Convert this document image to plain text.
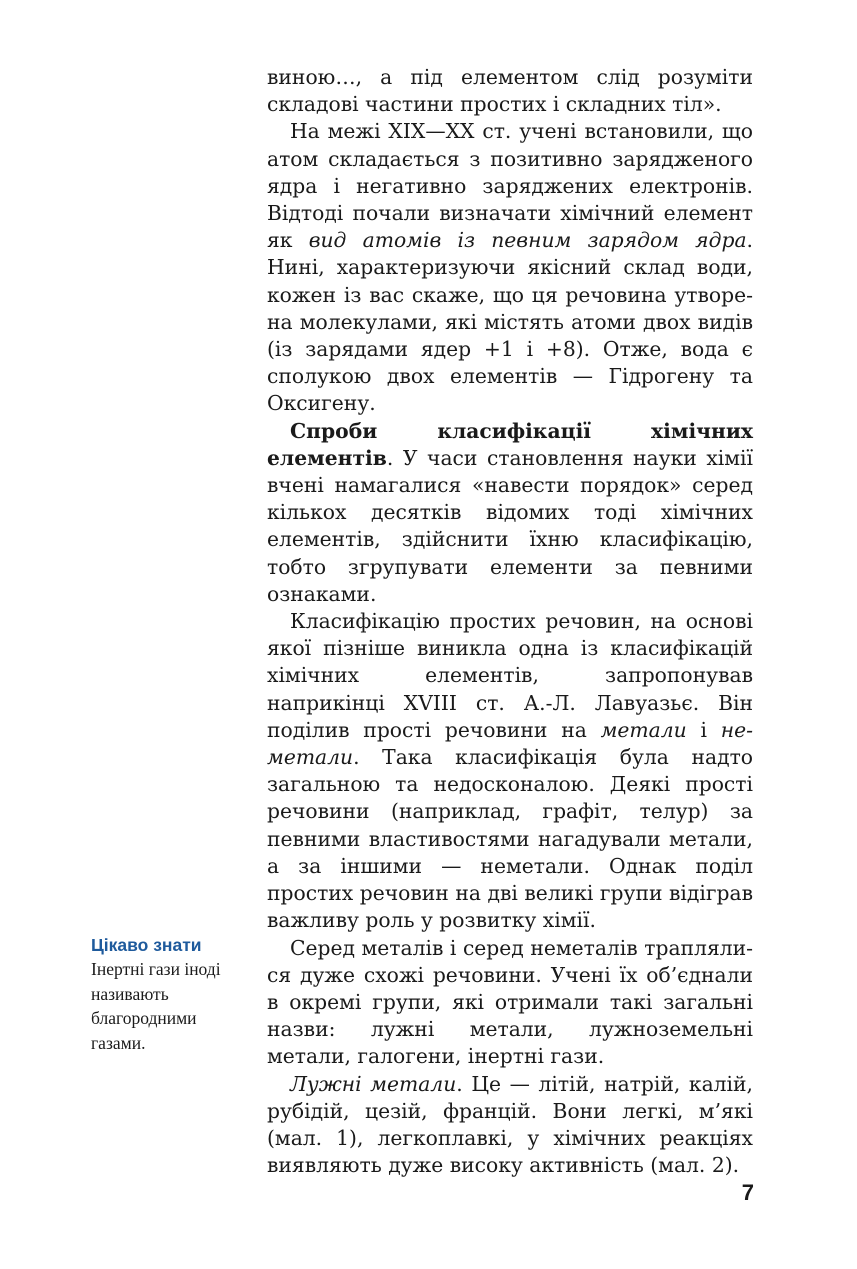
виною…, а під елементом слід розуміти складові частини простих і складних тіл».

На межі XIX—XX ст. учені встановили, що атом складається з позитивно зарядженого ядра і негативно заряджених електронів. Відтоді почали визначати хімічний елемент як вид атомів із певним зарядом ядра. Нині, характеризуючи якісний склад води, кожен із вас скаже, що ця речовина утворена молекулами, які містять атоми двох видів (із зарядами ядер +1 і +8). Отже, вода є сполукою двох елементів — Гідрогену та Оксигену.

Спроби класифікації хімічних елементів. У часи становлення науки хімії вчені намагалися «навести порядок» серед кількох десятків відомих тоді хімічних елементів, здійснити їхню класифікацію, тобто згрупувати елементи за певними ознаками.

Класифікацію простих речовин, на основі якої пізніше виникла одна із класифікацій хімічних елементів, запропонував наприкінці XVIII ст. А.-Л. Лавуазьє. Він поділив прості речовини на метали і неметали. Така класифікація була надто загальною та недосконалою. Деякі прості речовини (наприклад, графіт, телур) за певними властивостями нагадували метали, а за іншими — неметали. Однак поділ простих речовин на дві великі групи відіграв важливу роль у розвитку хімії.

Серед металів і серед неметалів траплялися дуже схожі речовини. Учені їх об’єднали в окремі групи, які отримали такі загальні назви: лужні метали, лужноземельні метали, галогени, інертні гази.

Лужні метали. Це — літій, натрій, калій, рубідій, цезій, францій. Вони легкі, м’які (мал. 1), легкоплавкі, у хімічних реакціях виявляють дуже високу активність (мал. 2).

Цікаво знати

Інертні гази іноді називають благородними газами.

7
